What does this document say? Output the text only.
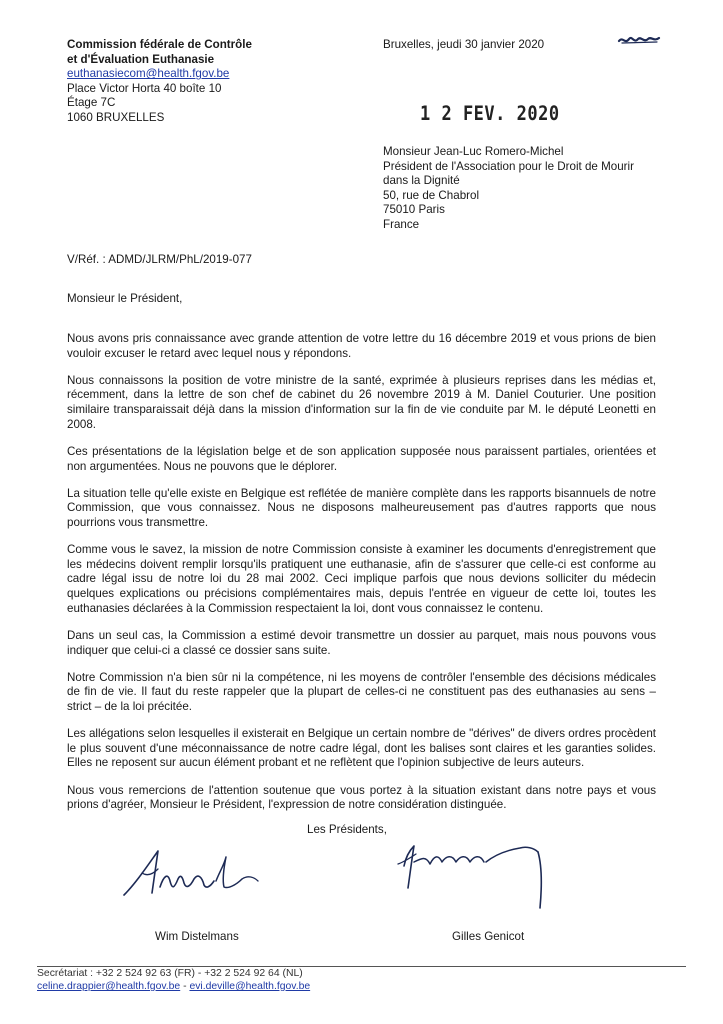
Commission fédérale de Contrôle
et d'Évaluation Euthanasie
euthanasiecom@health.fgov.be
Place Victor Horta 40 boîte 10
Étage 7C
1060 BRUXELLES
Bruxelles, jeudi 30 janvier 2020
1 2 FEV. 2020
Monsieur Jean-Luc Romero-Michel
Président de l'Association pour le Droit de Mourir
dans la Dignité
50, rue de Chabrol
75010 Paris
France
V/Réf. : ADMD/JLRM/PhL/2019-077
Monsieur le Président,

Nous avons pris connaissance avec grande attention de votre lettre du 16 décembre 2019 et vous prions de bien vouloir excuser le retard avec lequel nous y répondons.

Nous connaissons la position de votre ministre de la santé, exprimée à plusieurs reprises dans les médias et, récemment, dans la lettre de son chef de cabinet du 26 novembre 2019 à M. Daniel Couturier. Une position similaire transparaissait déjà dans la mission d'information sur la fin de vie conduite par M. le député Leonetti en 2008.

Ces présentations de la législation belge et de son application supposée nous paraissent partiales, orientées et non argumentées. Nous ne pouvons que le déplorer.

La situation telle qu'elle existe en Belgique est reflétée de manière complète dans les rapports bisannuels de notre Commission, que vous connaissez. Nous ne disposons malheureusement pas d'autres rapports que nous pourrions vous transmettre.

Comme vous le savez, la mission de notre Commission consiste à examiner les documents d'enregistrement que les médecins doivent remplir lorsqu'ils pratiquent une euthanasie, afin de s'assurer que celle-ci est conforme au cadre légal issu de notre loi du 28 mai 2002. Ceci implique parfois que nous devions solliciter du médecin quelques explications ou précisions complémentaires mais, depuis l'entrée en vigueur de cette loi, toutes les euthanasies déclarées à la Commission respectaient la loi, dont vous connaissez le contenu.

Dans un seul cas, la Commission a estimé devoir transmettre un dossier au parquet, mais nous pouvons vous indiquer que celui-ci a classé ce dossier sans suite.

Notre Commission n'a bien sûr ni la compétence, ni les moyens de contrôler l'ensemble des décisions médicales de fin de vie. Il faut du reste rappeler que la plupart de celles-ci ne constituent pas des euthanasies au sens – strict – de la loi précitée.

Les allégations selon lesquelles il existerait en Belgique un certain nombre de "dérives" de divers ordres procèdent le plus souvent d'une méconnaissance de notre cadre légal, dont les balises sont claires et les garanties solides. Elles ne reposent sur aucun élément probant et ne reflètent que l'opinion subjective de leurs auteurs.

Nous vous remercions de l'attention soutenue que vous portez à la situation existant dans notre pays et vous prions d'agréer, Monsieur le Président, l'expression de notre considération distinguée.

Les Présidents,
Wim Distelmans	Gilles Genicot
Secrétariat : +32 2 524 92 63 (FR) - +32 2 524 92 64 (NL)
celine.drappier@health.fgov.be - evi.deville@health.fgov.be
